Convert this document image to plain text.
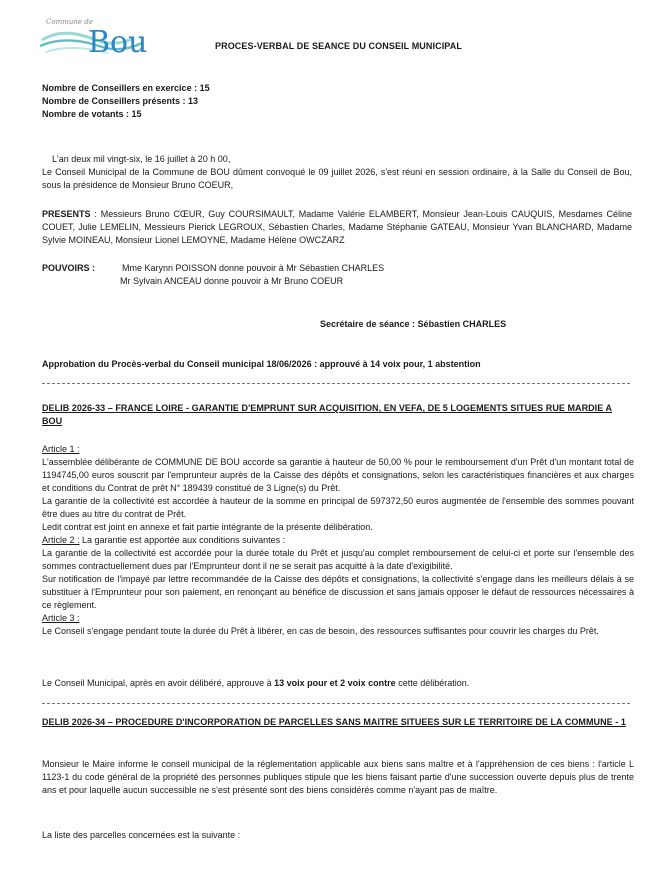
Commune de
Bou	PROCES-VERBAL DE SEANCE DU CONSEIL MUNICIPAL
Nombre de Conseillers en exercice : 15
Nombre de Conseillers présents : 13
Nombre de votants : 15
L'an deux mil vingt-six, le 16 juillet à 20 h 00,
Le Conseil Municipal de la Commune de BOU dûment convoqué le 09 juillet 2026, s'est réuni en session ordinaire, à la Salle du Conseil de Bou, sous la présidence de Monsieur Bruno COEUR,
PRESENTS : Messieurs Bruno CŒUR, Guy COURSIMAULT, Madame Valérie ELAMBERT, Monsieur Jean-Louis CAUQUIS, Mesdames Céline COUET, Julie LEMELIN, Messieurs Pierick LEGROUX, Sébastien Charles, Madame Stéphanie GATEAU, Monsieur Yvan BLANCHARD, Madame Sylvie MOINEAU, Monsieur Lionel LEMOYNE, Madame Hélène OWCZARZ
POUVOIRS :	Mme Karynn POISSON donne pouvoir à Mr Sébastien CHARLES
Mr Sylvain ANCEAU donne pouvoir à Mr Bruno COEUR
Secrétaire de séance : Sébastien CHARLES
Approbation du Procès-verbal du Conseil municipal 18/06/2026 : approuvé à 14 voix pour, 1 abstention
DELIB 2026-33 – FRANCE LOIRE - GARANTIE D'EMPRUNT SUR ACQUISITION, EN VEFA, DE 5 LOGEMENTS SITUES RUE MARDIE A BOU
Article 1 :

L'assemblée délibérante de COMMUNE DE BOU accorde sa garantie à hauteur de 50,00 % pour le remboursement d'un Prêt d'un montant total de 1194745,00 euros souscrit par l'emprunteur auprès de la Caisse des dépôts et consignations, selon les caractéristiques financières et aux charges et conditions du Contrat de prêt N° 189439 constitué de 3 Ligne(s) du Prêt.

La garantie de la collectivité est accordée à hauteur de la somme en principal de 597372,50 euros augmentée de l'ensemble des sommes pouvant être dues au titre du contrat de Prêt.

Ledit contrat est joint en annexe et fait partie intégrante de la présente délibération.

Article 2 : La garantie est apportée aux conditions suivantes :

La garantie de la collectivité est accordée pour la durée totale du Prêt et jusqu'au complet remboursement de celui-ci et porte sur l'ensemble des sommes contractuellement dues par l'Emprunteur dont il ne se serait pas acquitté à la date d'exigibilité.

Sur notification de l'impayé par lettre recommandée de la Caisse des dépôts et consignations, la collectivité s'engage dans les meilleurs délais à se substituer à l'Emprunteur pour son paiement, en renonçant au bénéfice de discussion et sans jamais opposer le défaut de ressources nécessaires à ce règlement.

Article 3 :

Le Conseil s'engage pendant toute la durée du Prêt à libérer, en cas de besoin, des ressources suffisantes pour couvrir les charges du Prêt.

Le Conseil Municipal, après en avoir délibéré, approuve à 13 voix pour et 2 voix contre cette délibération.
DELIB 2026-34 – PROCEDURE D'INCORPORATION DE PARCELLES SANS MAITRE SITUEES SUR LE TERRITOIRE DE LA COMMUNE - 1
Monsieur le Maire informe le conseil municipal de la réglementation applicable aux biens sans maître et à l'appréhension de ces biens : l'article L 1123-1 du code général de la propriété des personnes publiques stipule que les biens faisant partie d'une succession ouverte depuis plus de trente ans et pour laquelle aucun successible ne s'est présenté sont des biens considérés comme n'ayant pas de maître.
La liste des parcelles concernées est la suivante :
